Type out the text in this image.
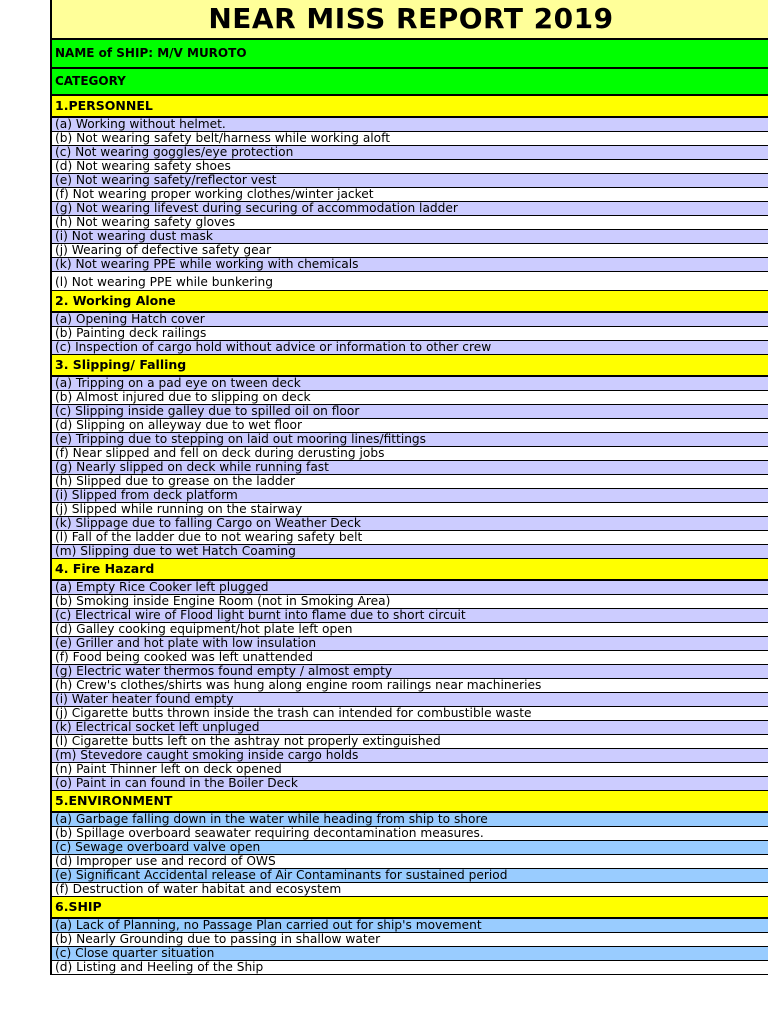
NEAR MISS REPORT 2019
NAME of SHIP: M/V MUROTO
CATEGORY
1.PERSONNEL
(a) Working without helmet.
(b) Not wearing safety belt/harness while working aloft
(c) Not wearing goggles/eye protection
(d) Not wearing safety shoes
(e) Not wearing safety/reflector vest
(f) Not wearing proper working clothes/winter jacket
(g) Not wearing lifevest during securing of accommodation ladder
(h) Not wearing safety gloves
(i) Not wearing dust mask
(j) Wearing of defective safety gear
(k) Not wearing PPE while working with chemicals
(l) Not wearing PPE while bunkering
2. Working Alone
(a) Opening Hatch cover
(b) Painting deck railings
(c) Inspection of cargo hold without advice or information to other crew
3. Slipping/ Falling
(a) Tripping on a pad eye on tween deck
(b) Almost injured due to slipping on deck
(c) Slipping inside galley due to spilled oil on floor
(d) Slipping on alleyway due to wet floor
(e) Tripping due to stepping on laid out mooring lines/fittings
(f) Near slipped and fell on deck during derusting jobs
(g) Nearly slipped on deck while running fast
(h) Slipped due to grease on the ladder
(i) Slipped from deck platform
(j) Slipped while running on the stairway
(k) Slippage due to falling Cargo on Weather Deck
(l) Fall of the ladder due to not wearing safety belt
(m) Slipping due to wet Hatch Coaming
4. Fire Hazard
(a) Empty Rice Cooker left plugged
(b) Smoking inside Engine Room (not in Smoking Area)
(c) Electrical wire of Flood light burnt into flame due to short circuit
(d) Galley cooking equipment/hot plate left open
(e) Griller and hot plate with low insulation
(f) Food being cooked was left unattended
(g) Electric water thermos found empty / almost empty
(h) Crew's clothes/shirts was hung along engine room railings near machineries
(i) Water heater found empty
(j) Cigarette butts thrown inside the trash can intended for combustible waste
(k) Electrical socket left unpluged
(l) Cigarette butts left on the ashtray not properly extinguished
(m) Stevedore caught smoking inside cargo holds
(n) Paint Thinner left on deck opened
(o) Paint in can found in the Boiler Deck
5.ENVIRONMENT
(a) Garbage falling down in the water while heading from ship to shore
(b) Spillage overboard seawater requiring decontamination measures.
(c) Sewage overboard valve open
(d) Improper use and record of OWS
(e) Significant Accidental release of Air Contaminants for sustained period
(f) Destruction of water habitat and ecosystem
6.SHIP
(a) Lack of Planning, no Passage Plan carried out for ship's movement
(b) Nearly Grounding due to passing in shallow water
(c) Close quarter situation
(d) Listing and Heeling of the Ship
